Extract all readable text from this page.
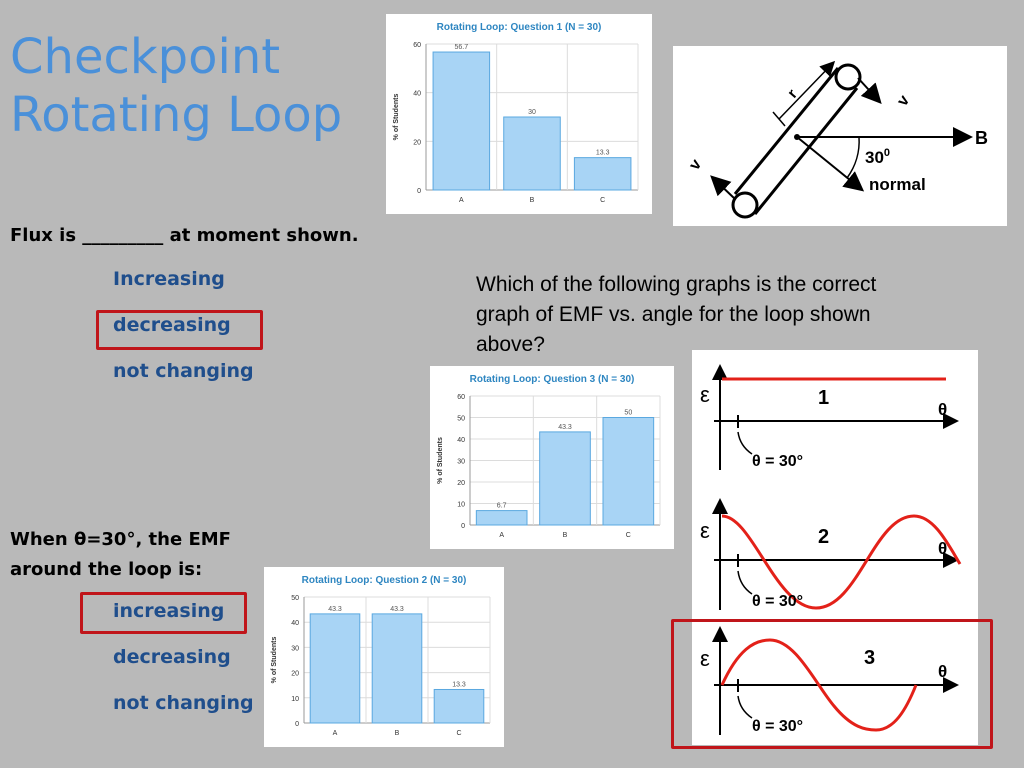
Checkpoint
Rotating Loop
Flux is _________ at moment shown.
Increasing
decreasing
not changing
When θ=30°, the EMF
around the loop is:
increasing
decreasing
not changing
Which of the following graphs is the correct
graph of EMF vs. angle for the loop shown
above?
Rotating Loop: Question 1 (N = 30)
0
20
40
60
% of Students
56.7
A
30
B
13.3
C
Rotating Loop: Question 3 (N = 30)
0
10
20
30
40
50
60
% of Students
6.7
A
43.3
B
50
C
Rotating Loop: Question 2 (N = 30)
0
10
20
30
40
50
% of Students
43.3
A
43.3
B
13.3
C
B
normal
$30^0$
r	v
v
ε	1
θ
θ = 30°
ε	2
θ
θ = 30°
ε	3
θ
θ = 30°
